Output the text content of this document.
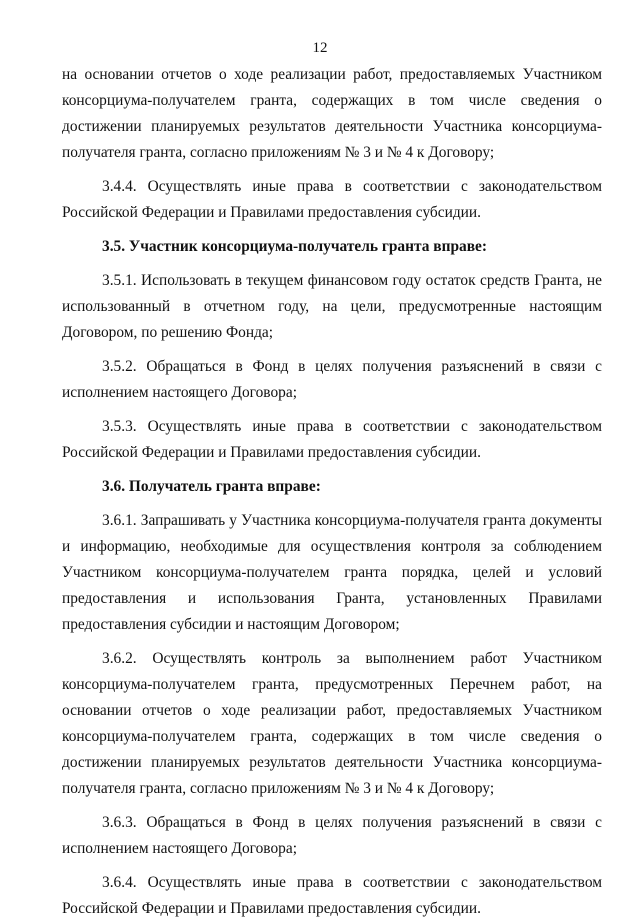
12

на основании отчетов о ходе реализации работ, предоставляемых Участником консорциума-получателем гранта, содержащих в том числе сведения о достижении планируемых результатов деятельности Участника консорциума-получателя гранта, согласно приложениям № 3 и № 4 к Договору;

3.4.4. Осуществлять иные права в соответствии с законодательством Российской Федерации и Правилами предоставления субсидии.

3.5. Участник консорциума-получатель гранта вправе:

3.5.1. Использовать в текущем финансовом году остаток средств Гранта, не использованный в отчетном году, на цели, предусмотренные настоящим Договором, по решению Фонда;

3.5.2. Обращаться в Фонд в целях получения разъяснений в связи с исполнением настоящего Договора;

3.5.3. Осуществлять иные права в соответствии с законодательством Российской Федерации и Правилами предоставления субсидии.

3.6. Получатель гранта вправе:

3.6.1. Запрашивать у Участника консорциума-получателя гранта документы и информацию, необходимые для осуществления контроля за соблюдением Участником консорциума-получателем гранта порядка, целей и условий предоставления и использования Гранта, установленных Правилами предоставления субсидии и настоящим Договором;

3.6.2. Осуществлять контроль за выполнением работ Участником консорциума-получателем гранта, предусмотренных Перечнем работ, на основании отчетов о ходе реализации работ, предоставляемых Участником консорциума-получателем гранта, содержащих в том числе сведения о достижении планируемых результатов деятельности Участника консорциума-получателя гранта, согласно приложениям № 3 и № 4 к Договору;

3.6.3. Обращаться в Фонд в целях получения разъяснений в связи с исполнением настоящего Договора;

3.6.4. Осуществлять иные права в соответствии с законодательством Российской Федерации и Правилами предоставления субсидии.
